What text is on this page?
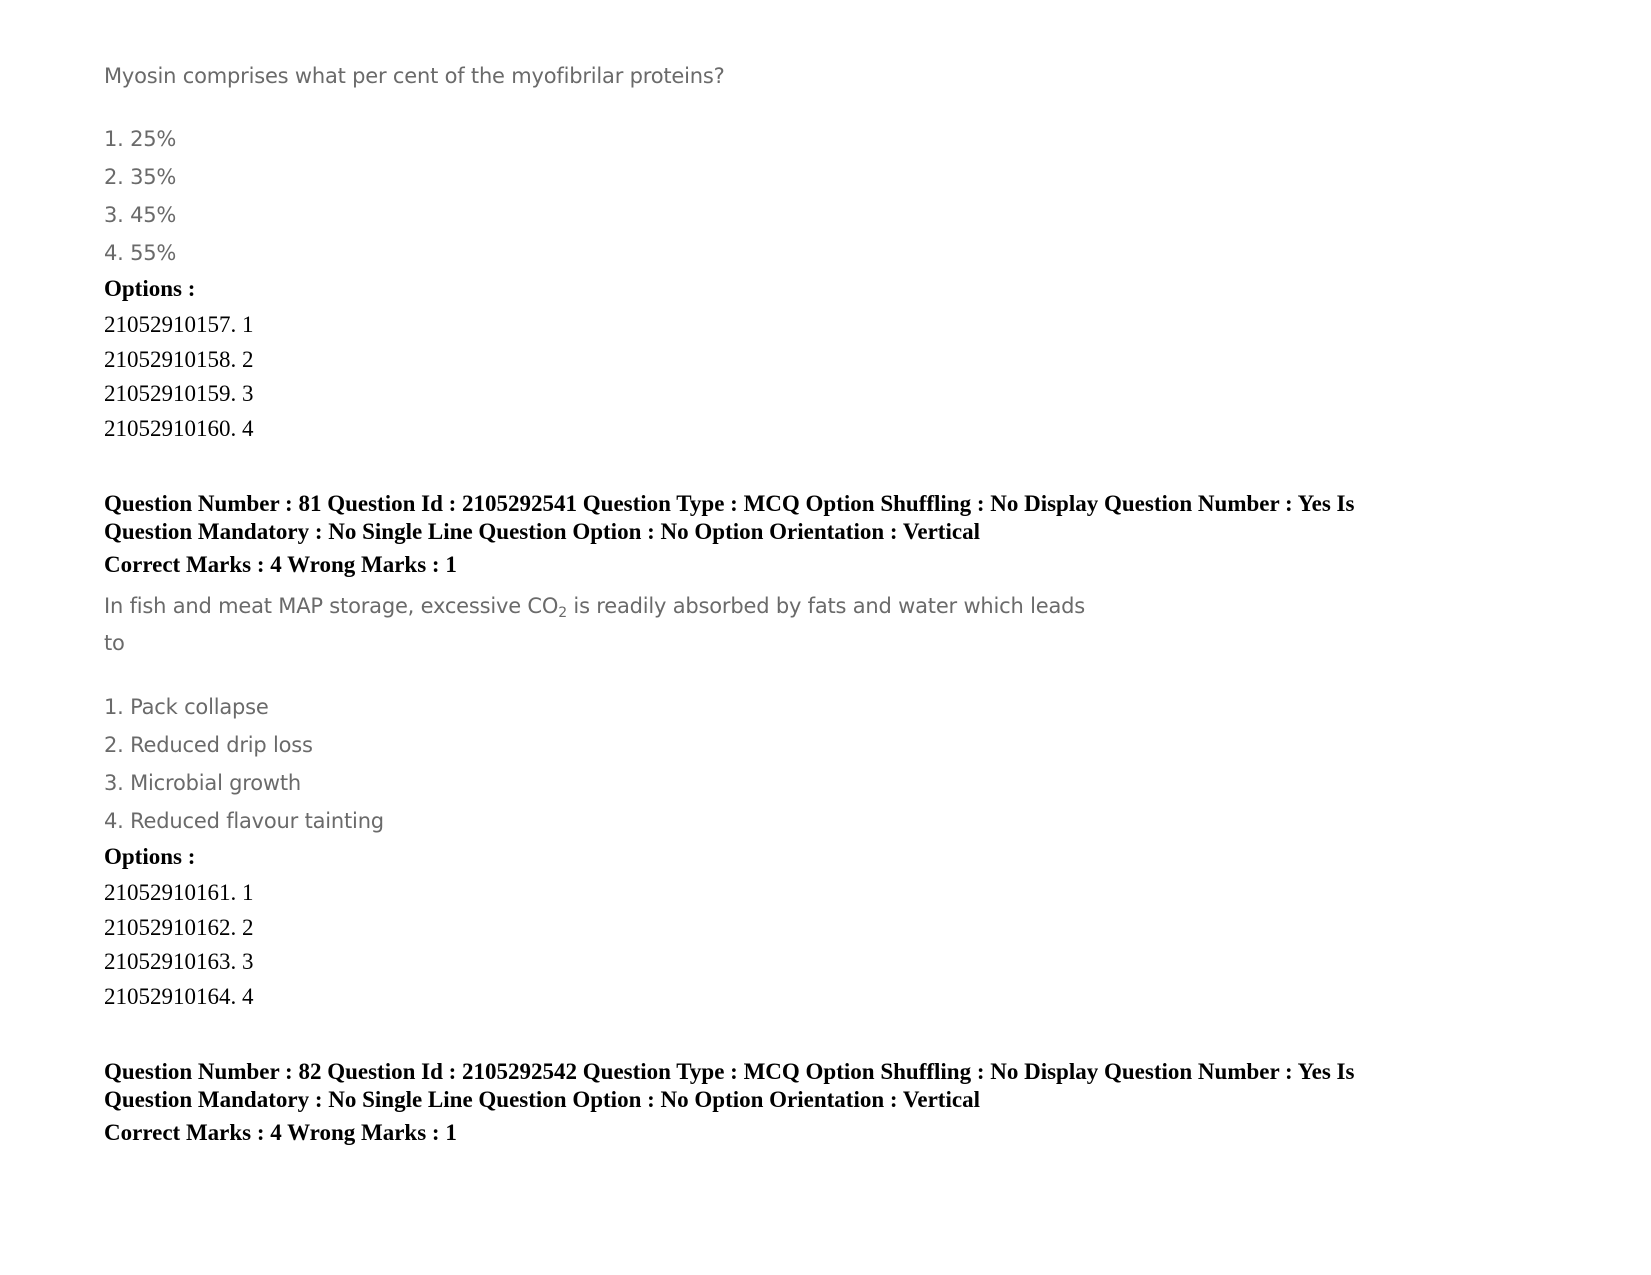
Myosin comprises what per cent of the myofibrilar proteins?
1. 25%
2. 35%
3. 45%
4. 55%
Options :
21052910157. 1
21052910158. 2
21052910159. 3
21052910160. 4
Question Number : 81 Question Id : 2105292541 Question Type : MCQ Option Shuffling : No Display Question Number : Yes Is
Question Mandatory : No Single Line Question Option : No Option Orientation : Vertical
Correct Marks : 4 Wrong Marks : 1
In fish and meat MAP storage, excessive $CO_2$ is readily absorbed by fats and water which leads
to
1. Pack collapse
2. Reduced drip loss
3. Microbial growth
4. Reduced flavour tainting
Options :
21052910161. 1
21052910162. 2
21052910163. 3
21052910164. 4
Question Number : 82 Question Id : 2105292542 Question Type : MCQ Option Shuffling : No Display Question Number : Yes Is
Question Mandatory : No Single Line Question Option : No Option Orientation : Vertical
Correct Marks : 4 Wrong Marks : 1
